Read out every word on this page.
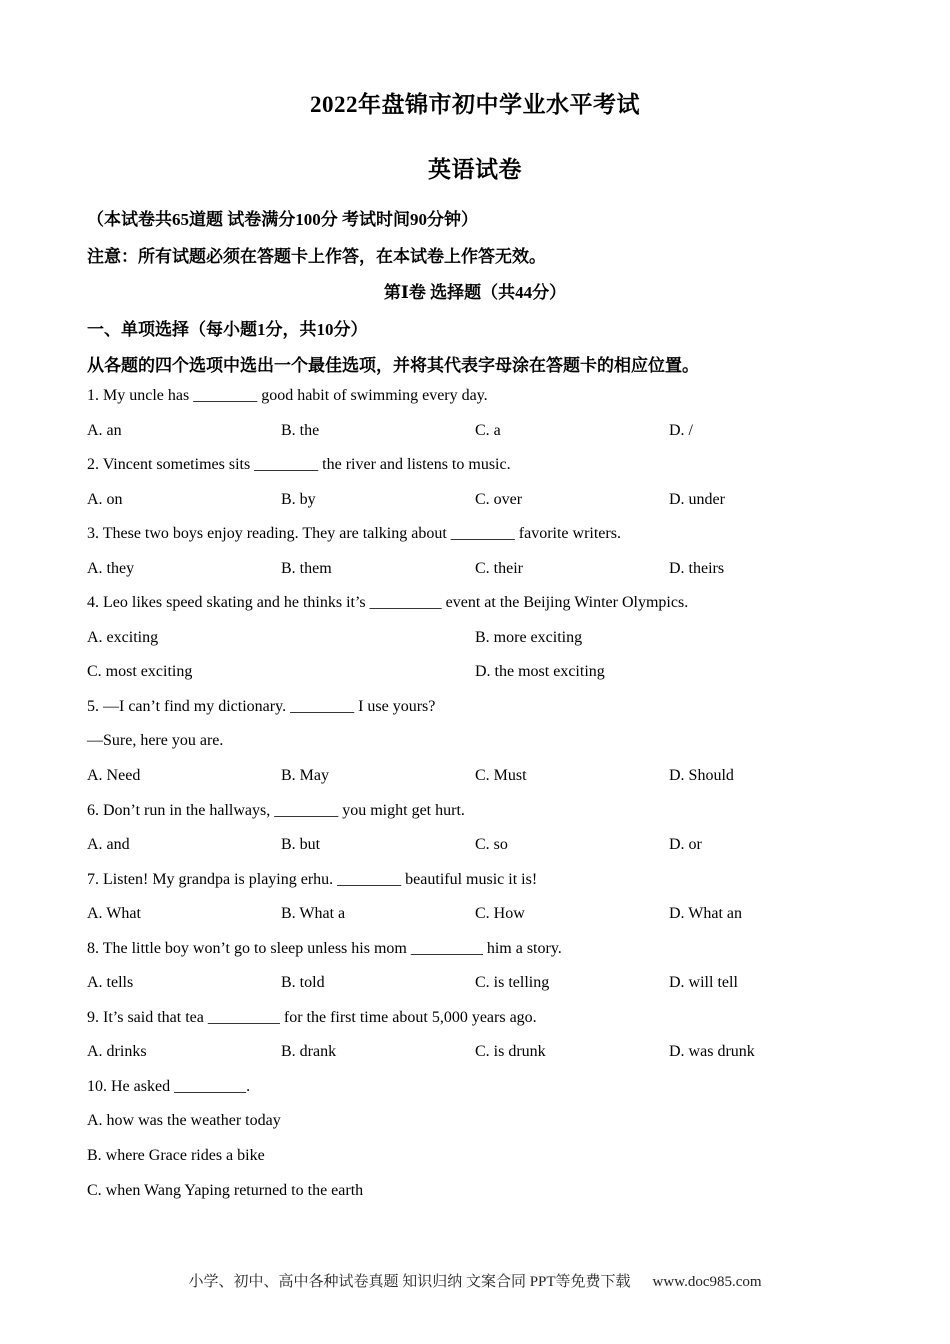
2022年盘锦市初中学业水平考试
英语试卷
（本试卷共65道题 试卷满分100分 考试时间90分钟）
注意：所有试题必须在答题卡上作答，在本试卷上作答无效。
第Ⅰ卷 选择题（共44分）
一、单项选择（每小题1分，共10分）
从各题的四个选项中选出一个最佳选项，并将其代表字母涂在答题卡的相应位置。
1. My uncle has ________ good habit of swimming every day.
A. an	B. the	C. a	D. /
2. Vincent sometimes sits ________ the river and listens to music.
A. on	B. by	C. over	D. under
3. These two boys enjoy reading. They are talking about ________ favorite writers.
A. they	B. them	C. their	D. theirs
4. Leo likes speed skating and he thinks it’s _________ event at the Beijing Winter Olympics.
A. exciting	B. more exciting
C. most exciting	D. the most exciting
5. —I can’t find my dictionary. ________ I use yours?
—Sure, here you are.
A. Need	B. May	C. Must	D. Should
6. Don’t run in the hallways, ________ you might get hurt.
A. and	B. but	C. so	D. or
7. Listen! My grandpa is playing erhu. ________ beautiful music it is!
A. What	B. What a	C. How	D. What an
8. The little boy won’t go to sleep unless his mom _________ him a story.
A. tells	B. told	C. is telling	D. will tell
9. It’s said that tea _________ for the first time about 5,000 years ago.
A. drinks	B. drank	C. is drunk	D. was drunk
10. He asked _________.
A. how was the weather today
B. where Grace rides a bike
C. when Wang Yaping returned to the earth
小学、初中、高中各种试卷真题 知识归纳 文案合同 PPT等免费下载 www.doc985.com
